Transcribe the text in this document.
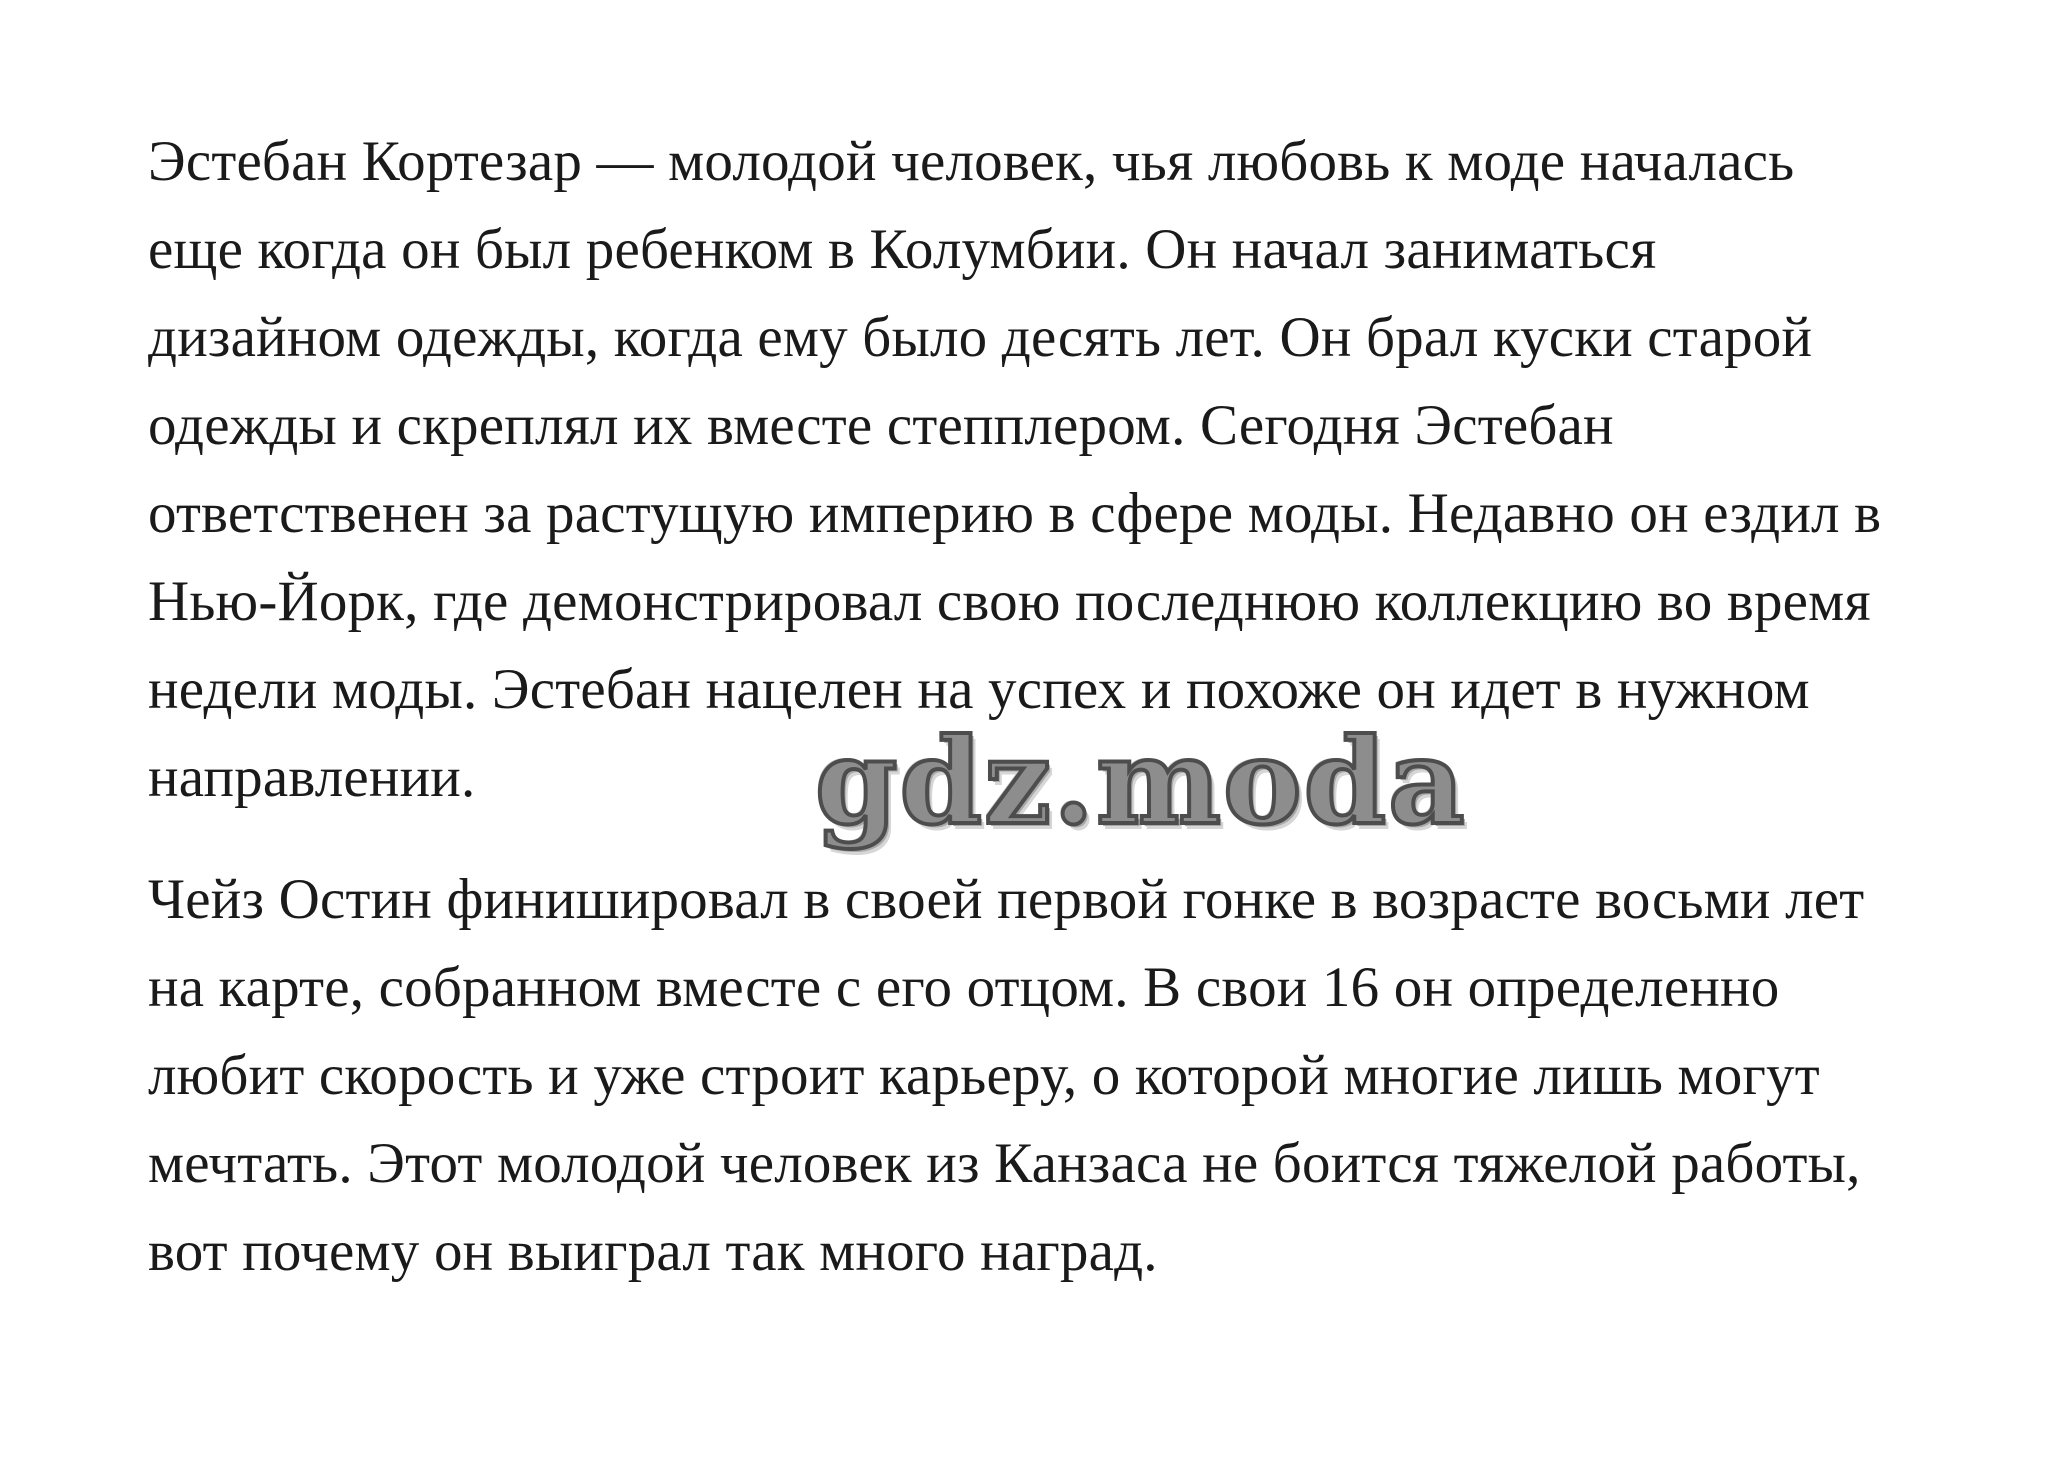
Эстебан Кортезар — молодой человек, чья любовь к моде началась
еще когда он был ребенком в Колумбии. Он начал заниматься
дизайном одежды, когда ему было десять лет. Он брал куски старой
одежды и скреплял их вместе степплером. Сегодня Эстебан
ответственен за растущую империю в сфере моды. Недавно он ездил в
Нью-Йорк, где демонстрировал свою последнюю коллекцию во время
недели моды. Эстебан нацелен на успех и похоже он идет в нужном
направлении.	gdz.moda
Чейз Остин финишировал в своей первой гонке в возрасте восьми лет
на карте, собранном вместе с его отцом. В свои 16 он определенно
любит скорость и уже строит карьеру, о которой многие лишь могут
мечтать. Этот молодой человек из Канзаса не боится тяжелой работы,
вот почему он выиграл так много наград.
